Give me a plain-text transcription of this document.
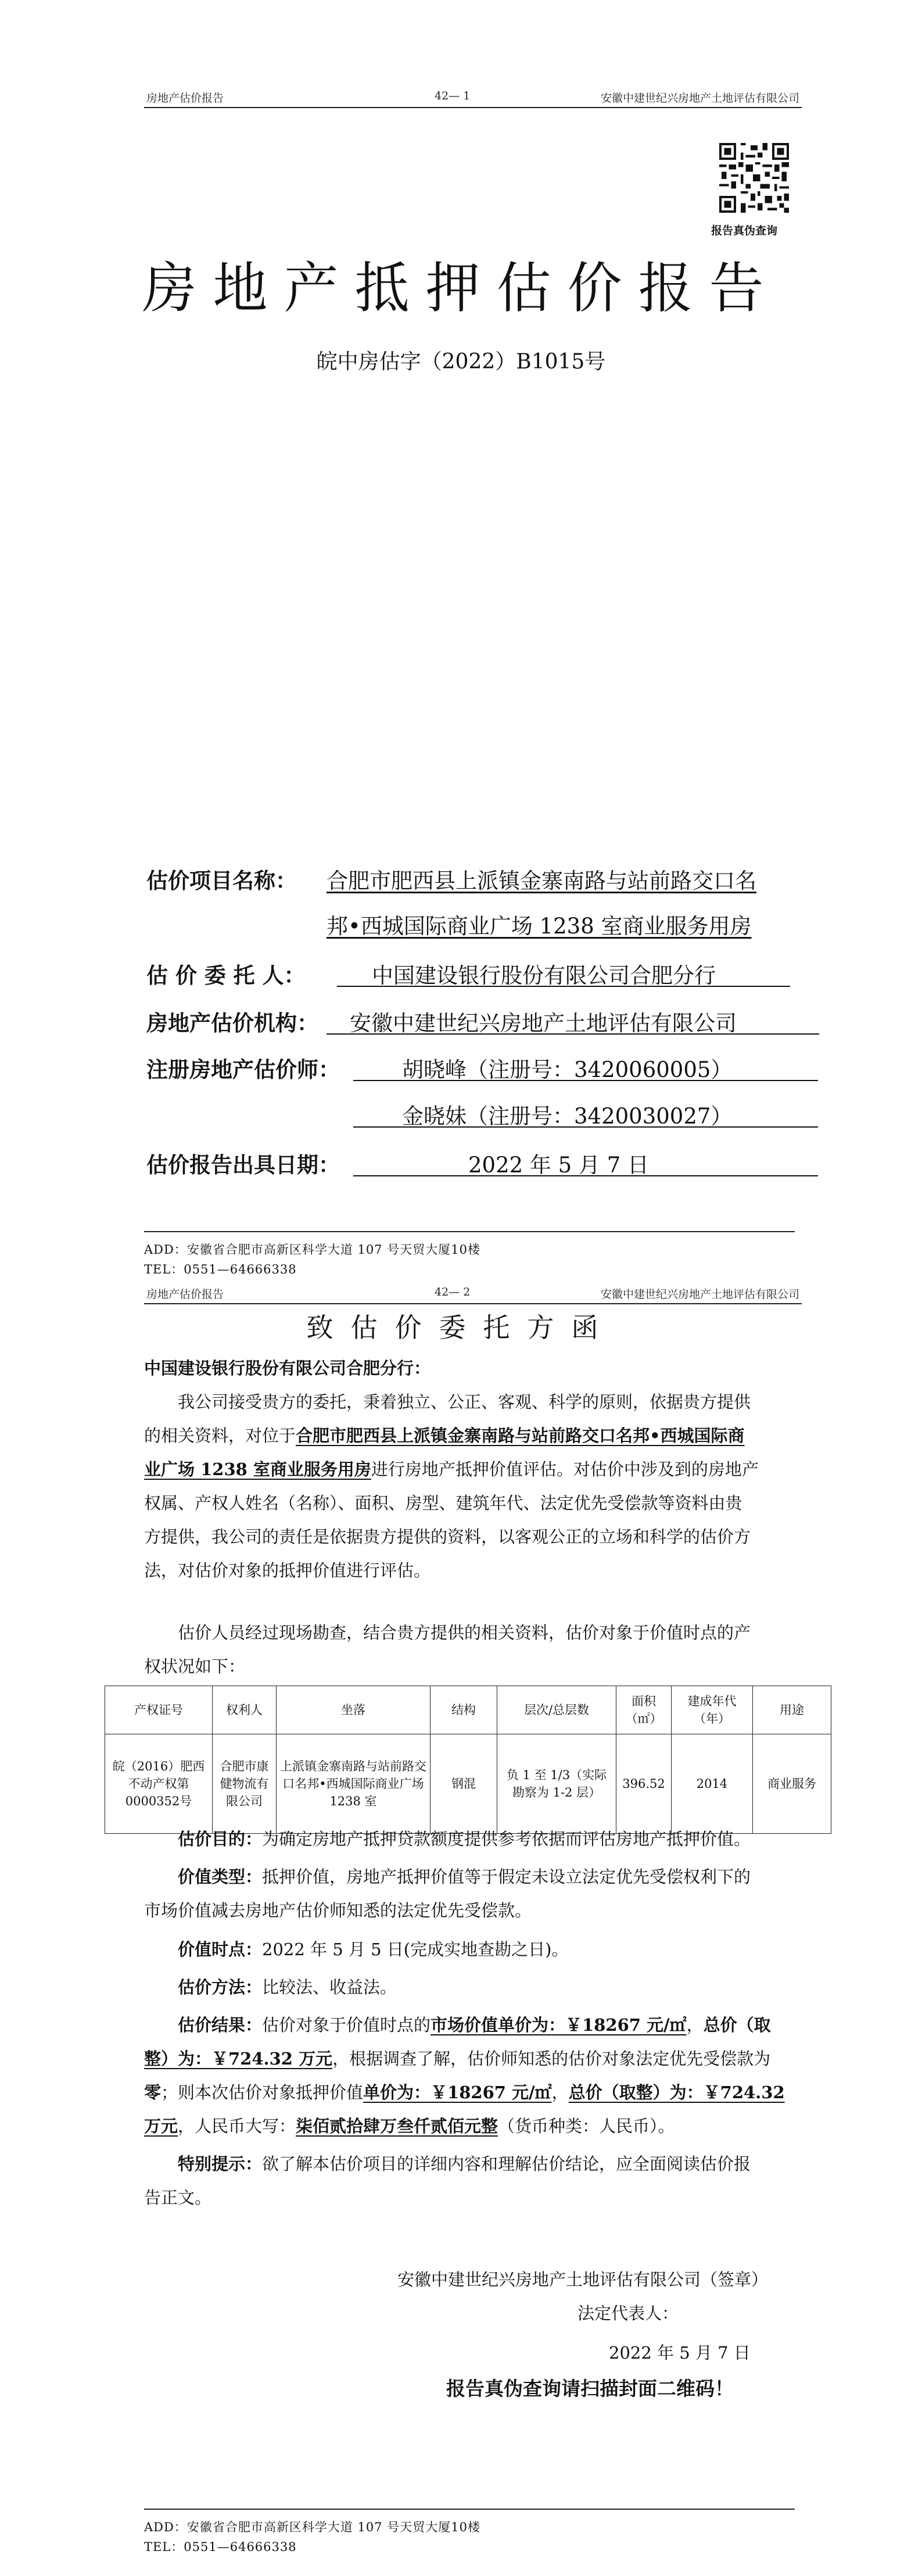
房地产估价报告	42— 1	安徽中建世纪兴房地产土地评估有限公司
报告真伪查询
房地产抵押估价报告
皖中房估字（2022）B1015号
估价项目名称： 合肥市肥西县上派镇金寨南路与站前路交口名
邦•西城国际商业广场 1238 室商业服务用房
估 价 委 托 人：	中国建设银行股份有限公司合肥分行
房地产估价机构： 安徽中建世纪兴房地产土地评估有限公司
注册房地产估价师：	胡晓峰（注册号：3420060005）
金晓妹（注册号：3420030027）
估价报告出具日期：	2022 年 5 月 7 日
ADD：安徽省合肥市高新区科学大道 107 号天贸大厦10楼
TEL：0551—64666338
房地产估价报告	42— 2	安徽中建世纪兴房地产土地评估有限公司
致估价委托方函
中国建设银行股份有限公司合肥分行：
我公司接受贵方的委托，秉着独立、公正、客观、科学的原则，依据贵方提供
的相关资料，对位于合肥市肥西县上派镇金寨南路与站前路交口名邦•西城国际商
业广场 1238 室商业服务用房进行房地产抵押价值评估。对估价中涉及到的房地产
权属、产权人姓名（名称）、面积、房型、建筑年代、法定优先受偿款等资料由贵
方提供，我公司的责任是依据贵方提供的资料，以客观公正的立场和科学的估价方
法，对估价对象的抵押价值进行评估。
估价人员经过现场勘查，结合贵方提供的相关资料，估价对象于价值时点的产
权状况如下：
产权证号	权利人	坐落	结构	层次/总层数	面积（㎡）	建成年代（年）	用途
皖（2016）肥西不动产权第0000352号	合肥市康健物流有限公司	上派镇金寨南路与站前路交口名邦•西城国际商业广场 1238 室	钢混	负 1 至 1/3（实际勘察为 1-2 层）	396.52	2014	商业服务
估价目的：为确定房地产抵押贷款额度提供参考依据而评估房地产抵押价值。
价值类型：抵押价值，房地产抵押价值等于假定未设立法定优先受偿权利下的
市场价值减去房地产估价师知悉的法定优先受偿款。
价值时点：2022 年 5 月 5 日(完成实地查勘之日)。
估价方法：比较法、收益法。
估价结果：估价对象于价值时点的市场价值单价为：￥18267 元/㎡，总价（取
整）为：￥724.32 万元，根据调查了解，估价师知悉的估价对象法定优先受偿款为
零；则本次估价对象抵押价值单价为：￥18267 元/㎡，总价（取整）为：￥724.32
万元，人民币大写：柒佰贰拾肆万叁仟贰佰元整（货币种类：人民币）。
特别提示：欲了解本估价项目的详细内容和理解估价结论，应全面阅读估价报
告正文。
安徽中建世纪兴房地产土地评估有限公司（签章）
法定代表人：
2022 年 5 月 7 日
报告真伪查询请扫描封面二维码！
ADD：安徽省合肥市高新区科学大道 107 号天贸大厦10楼
TEL：0551—64666338
